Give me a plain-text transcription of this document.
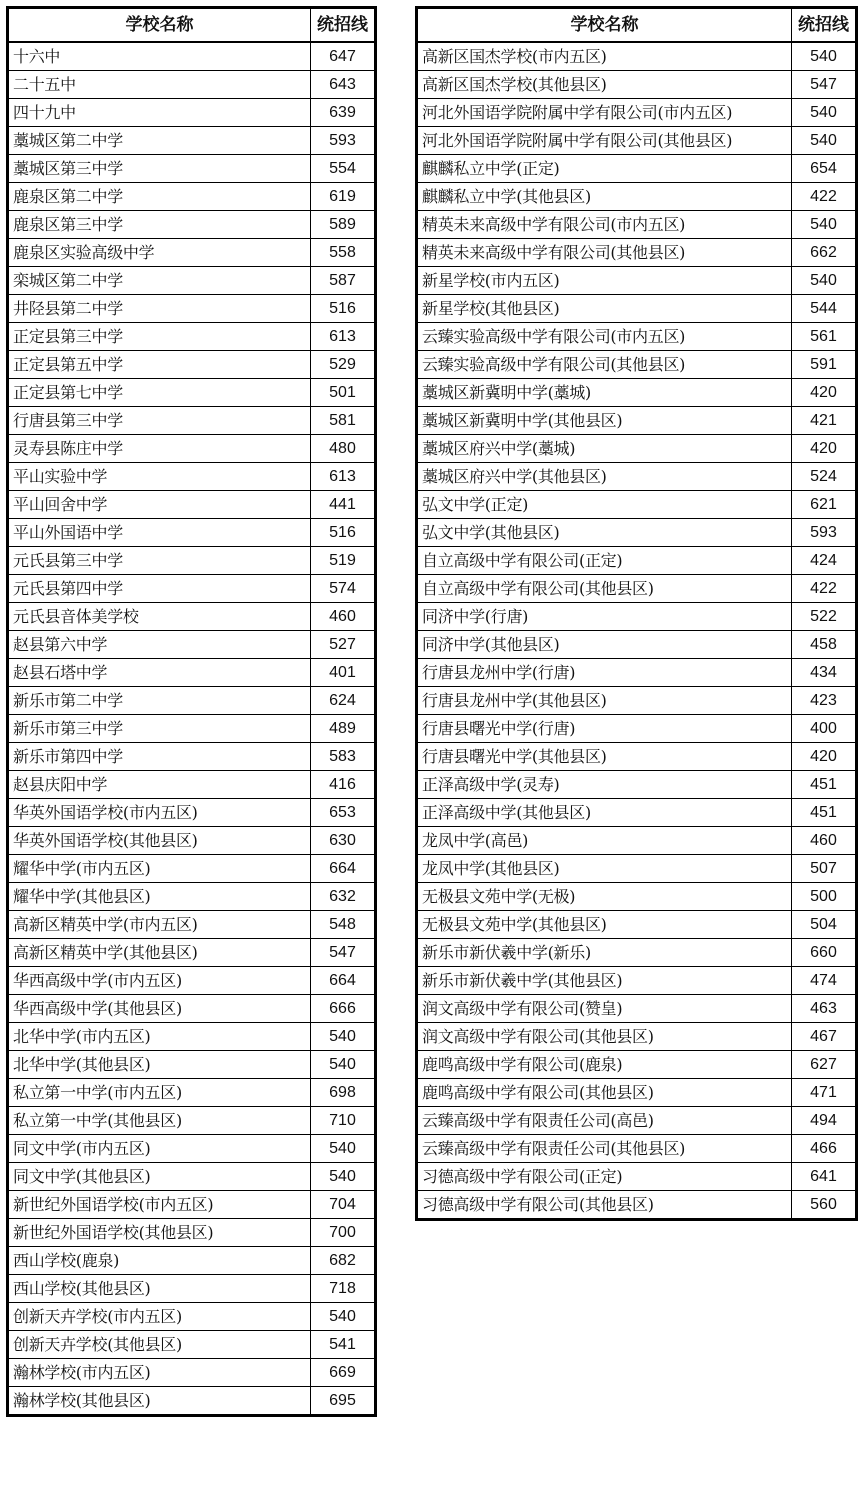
学校名称	统招线
十六中	647
二十五中	643
四十九中	639
藁城区第二中学	593
藁城区第三中学	554
鹿泉区第二中学	619
鹿泉区第三中学	589
鹿泉区实验高级中学	558
栾城区第二中学	587
井陉县第二中学	516
正定县第三中学	613
正定县第五中学	529
正定县第七中学	501
行唐县第三中学	581
灵寿县陈庄中学	480
平山实验中学	613
平山回舍中学	441
平山外国语中学	516
元氏县第三中学	519
元氏县第四中学	574
元氏县音体美学校	460
赵县第六中学	527
赵县石塔中学	401
新乐市第二中学	624
新乐市第三中学	489
新乐市第四中学	583
赵县庆阳中学	416
华英外国语学校(市内五区)	653
华英外国语学校(其他县区)	630
耀华中学(市内五区)	664
耀华中学(其他县区)	632
高新区精英中学(市内五区)	548
高新区精英中学(其他县区)	547
华西高级中学(市内五区)	664
华西高级中学(其他县区)	666
北华中学(市内五区)	540
北华中学(其他县区)	540
私立第一中学(市内五区)	698
私立第一中学(其他县区)	710
同文中学(市内五区)	540
同文中学(其他县区)	540
新世纪外国语学校(市内五区)	704
新世纪外国语学校(其他县区)	700
西山学校(鹿泉)	682
西山学校(其他县区)	718
创新天卉学校(市内五区)	540
创新天卉学校(其他县区)	541
瀚林学校(市内五区)	669
瀚林学校(其他县区)	695
学校名称	统招线
高新区国杰学校(市内五区)	540
高新区国杰学校(其他县区)	547
河北外国语学院附属中学有限公司(市内五区)	540
河北外国语学院附属中学有限公司(其他县区)	540
麒麟私立中学(正定)	654
麒麟私立中学(其他县区)	422
精英未来高级中学有限公司(市内五区)	540
精英未来高级中学有限公司(其他县区)	662
新星学校(市内五区)	540
新星学校(其他县区)	544
云臻实验高级中学有限公司(市内五区)	561
云臻实验高级中学有限公司(其他县区)	591
藁城区新冀明中学(藁城)	420
藁城区新冀明中学(其他县区)	421
藁城区府兴中学(藁城)	420
藁城区府兴中学(其他县区)	524
弘文中学(正定)	621
弘文中学(其他县区)	593
自立高级中学有限公司(正定)	424
自立高级中学有限公司(其他县区)	422
同济中学(行唐)	522
同济中学(其他县区)	458
行唐县龙州中学(行唐)	434
行唐县龙州中学(其他县区)	423
行唐县曙光中学(行唐)	400
行唐县曙光中学(其他县区)	420
正泽高级中学(灵寿)	451
正泽高级中学(其他县区)	451
龙凤中学(高邑)	460
龙凤中学(其他县区)	507
无极县文苑中学(无极)	500
无极县文苑中学(其他县区)	504
新乐市新伏羲中学(新乐)	660
新乐市新伏羲中学(其他县区)	474
润文高级中学有限公司(赞皇)	463
润文高级中学有限公司(其他县区)	467
鹿鸣高级中学有限公司(鹿泉)	627
鹿鸣高级中学有限公司(其他县区)	471
云臻高级中学有限责任公司(高邑)	494
云臻高级中学有限责任公司(其他县区)	466
习德高级中学有限公司(正定)	641
习德高级中学有限公司(其他县区)	560
